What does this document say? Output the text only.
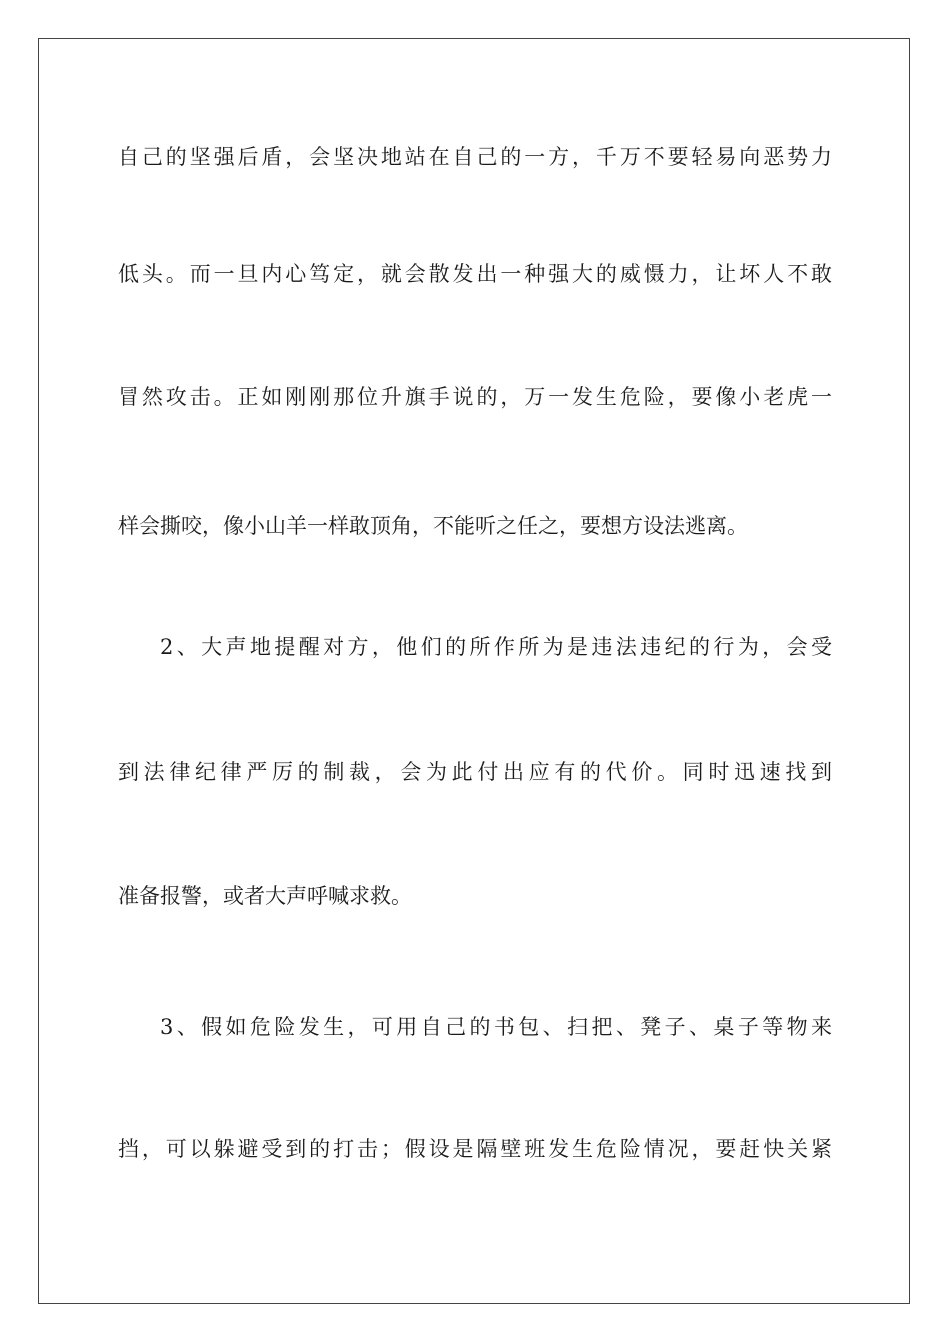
自己的坚强后盾，会坚决地站在自己的一方，千万不要轻易向恶势力
低头。而一旦内心笃定，就会散发出一种强大的威慑力，让坏人不敢
冒然攻击。正如刚刚那位升旗手说的，万一发生危险，要像小老虎一
样会撕咬，像小山羊一样敢顶角，不能听之任之，要想方设法逃离。
2、大声地提醒对方，他们的所作所为是违法违纪的行为，会受
到法律纪律严厉的制裁，会为此付出应有的代价。同时迅速找到
准备报警，或者大声呼喊求救。
3、假如危险发生，可用自己的书包、扫把、凳子、桌子等物来
挡，可以躲避受到的打击；假设是隔壁班发生危险情况，要赶快关紧
